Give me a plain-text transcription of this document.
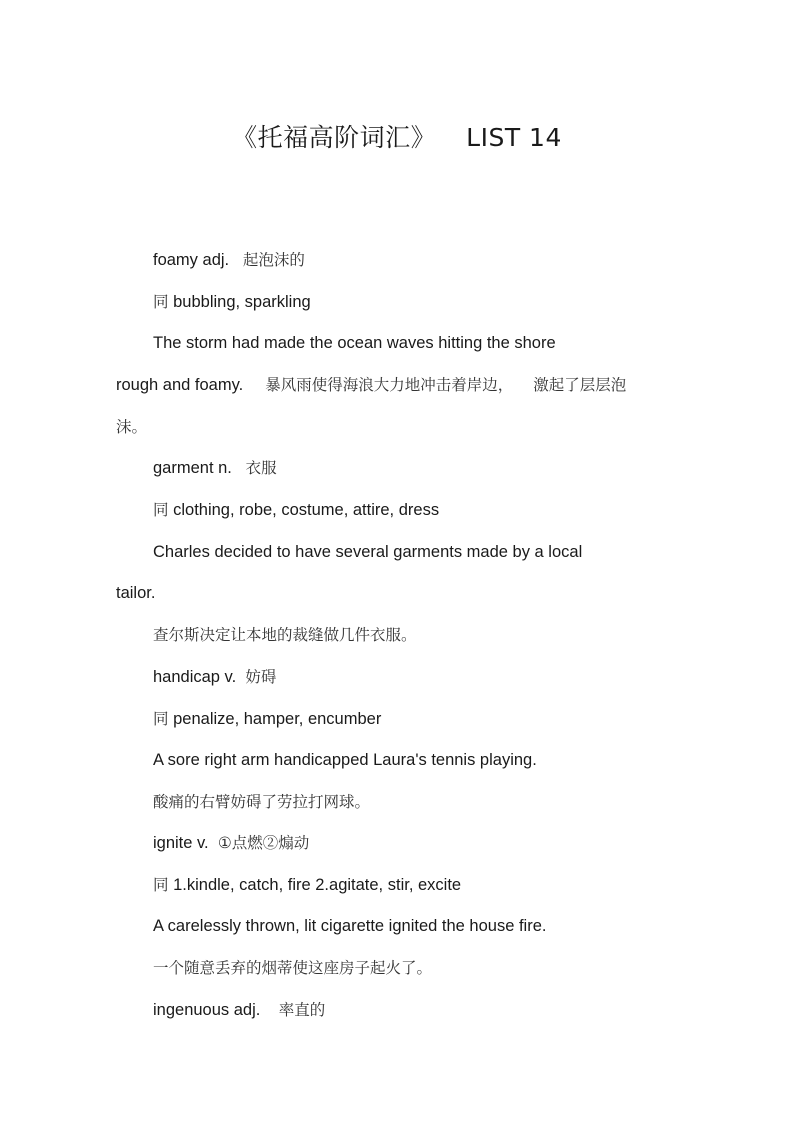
《托福高阶词汇》 LIST 14
foamy adj. 起泡沫的
同 bubbling, sparkling
The storm had made the ocean waves hitting the shore
rough and foamy. 暴风雨使得海浪大力地冲击着岸边， 激起了层层泡
沫。
garment n. 衣服
同 clothing, robe, costume, attire, dress
Charles decided to have several garments made by a local
tailor.
查尔斯决定让本地的裁缝做几件衣服。
handicap v. 妨碍
同 penalize, hamper, encumber
A sore right arm handicapped Laura's tennis playing.
酸痛的右臂妨碍了劳拉打网球。
ignite v. ①点燃②煽动
同 1.kindle, catch, fire 2.agitate, stir, excite
A carelessly thrown, lit cigarette ignited the house fire.
一个随意丢弃的烟蒂使这座房子起火了。
ingenuous adj. 率直的
